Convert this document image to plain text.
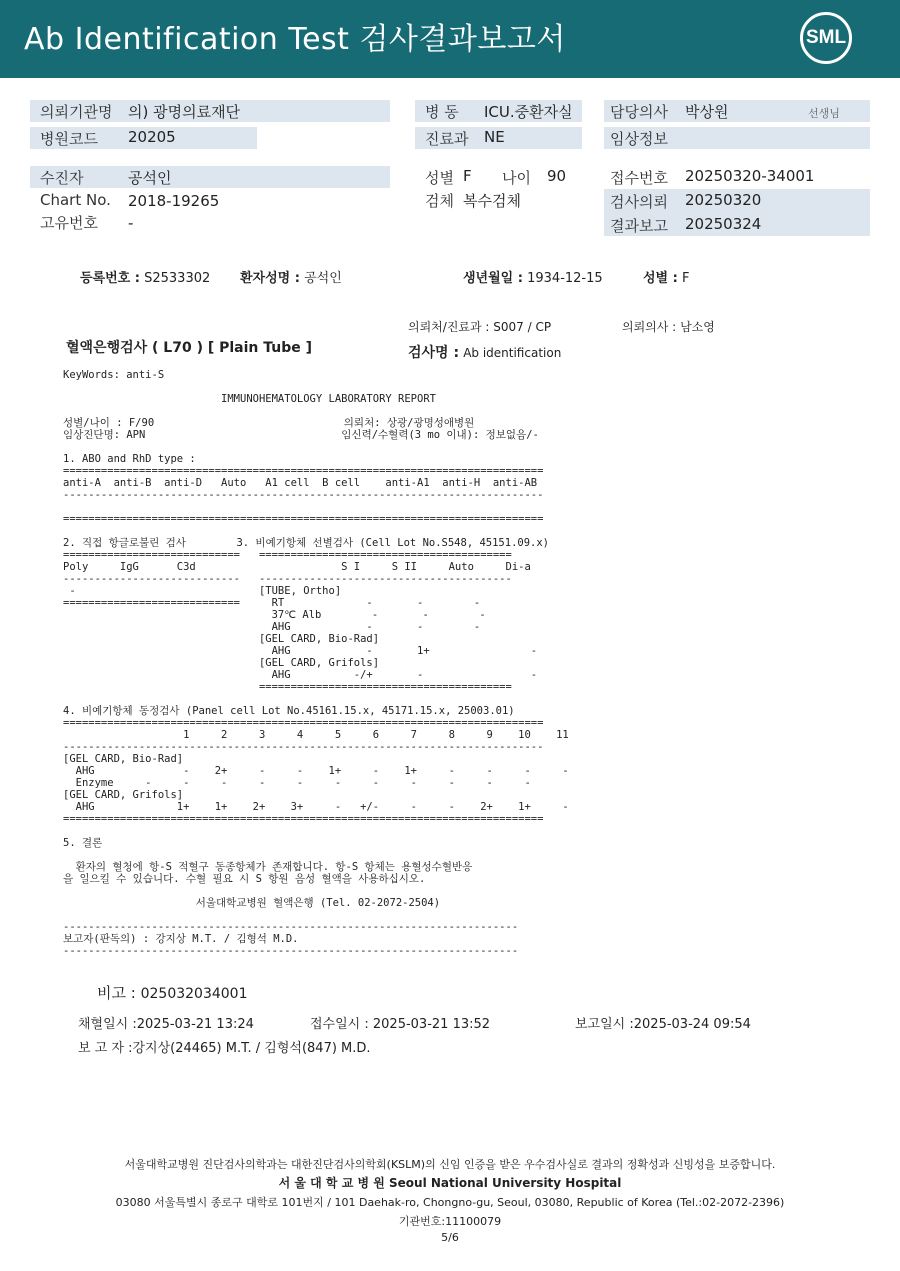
Ab Identification Test 검사결과보고서	SML
의뢰기관명 의) 광명의료재단	병 동 ICU.중환자실 담당의사 박상원	선생님
병원코드 20205	진료과 NE	임상정보
수진자	공석인	성별 F 나이 90	접수번호 20250320-34001
Chart No. 2018-19265	검체 복수검체	검사의뢰 20250320
고유번호 -	결과보고 20250324
등록번호 : S2533302 환자성명 : 공석인	생년월일 : 1934-12-15	성별 : F
의뢰처/진료과 : S007 / CP	의뢰의사 : 남소영
혈액은행검사 ( L70 ) [ Plain Tube ]	검사명 : Ab identification
KeyWords: anti-S

IMMUNOHEMATOLOGY LABORATORY REPORT

성별/나이 : F/90                              의뢰처: 상광/광명성애병원
임상진단명: APN                               임신력/수혈력(3 mo 이내): 정보없음/-

1. ABO and RhD type :
============================================================================
anti-A  anti-B  anti-D   Auto   A1 cell  B cell    anti-A1  anti-H  anti-AB
----------------------------------------------------------------------------

============================================================================

2. 직접 항글로불린 검사        3. 비예기항체 선별검사 (Cell Lot No.S548, 45151.09.x)
============================   ========================================
Poly     IgG      C3d                       S I     S II     Auto     Di-a
----------------------------   ----------------------------------------
-                             [TUBE, Ortho]
============================     RT             -       -        -
37℃ Alb        -       -        -
AHG            -       -        -
[GEL CARD, Bio-Rad]
AHG            -       1+                -
[GEL CARD, Grifols]
AHG          -/+       -                 -
========================================

4. 비예기항체 동정검사 (Panel cell Lot No.45161.15.x, 45171.15.x, 25003.01)
============================================================================
1     2     3     4     5     6     7     8     9    10    11
----------------------------------------------------------------------------
[GEL CARD, Bio-Rad]
AHG              -    2+     -     -    1+     -    1+     -     -     -     -
Enzyme     -     -     -     -     -     -     -     -     -     -     -
[GEL CARD, Grifols]
AHG             1+    1+    2+    3+     -   +/-     -     -    2+    1+     -
============================================================================

5. 결론

환자의 혈청에 항-S 적혈구 동종항체가 존재합니다. 항-S 항체는 용혈성수혈반응
을 일으킬 수 있습니다. 수혈 필요 시 S 항원 음성 혈액을 사용하십시오.

서울대학교병원 혈액은행 (Tel. 02-2072-2504)

------------------------------------------------------------------------
보고자(판독의) : 강지상 M.T. / 김형석 M.D.
------------------------------------------------------------------------
비고 : 025032034001
채혈일시 :2025-03-21 13:24	접수일시 : 2025-03-21 13:52	보고일시 :2025-03-24 09:54
보 고 자 :강지상(24465) M.T. / 김형석(847) M.D.
서울대학교병원 진단검사의학과는 대한진단검사의학회(KSLM)의 신임 인증을 받은 우수검사실로 결과의 정확성과 신빙성을 보증합니다.
서 울 대 학 교 병 원 Seoul National University Hospital
03080 서울특별시 종로구 대학로 101번지 / 101 Daehak-ro, Chongno-gu, Seoul, 03080, Republic of Korea (Tel.:02-2072-2396)
기관번호:11100079
5/6
